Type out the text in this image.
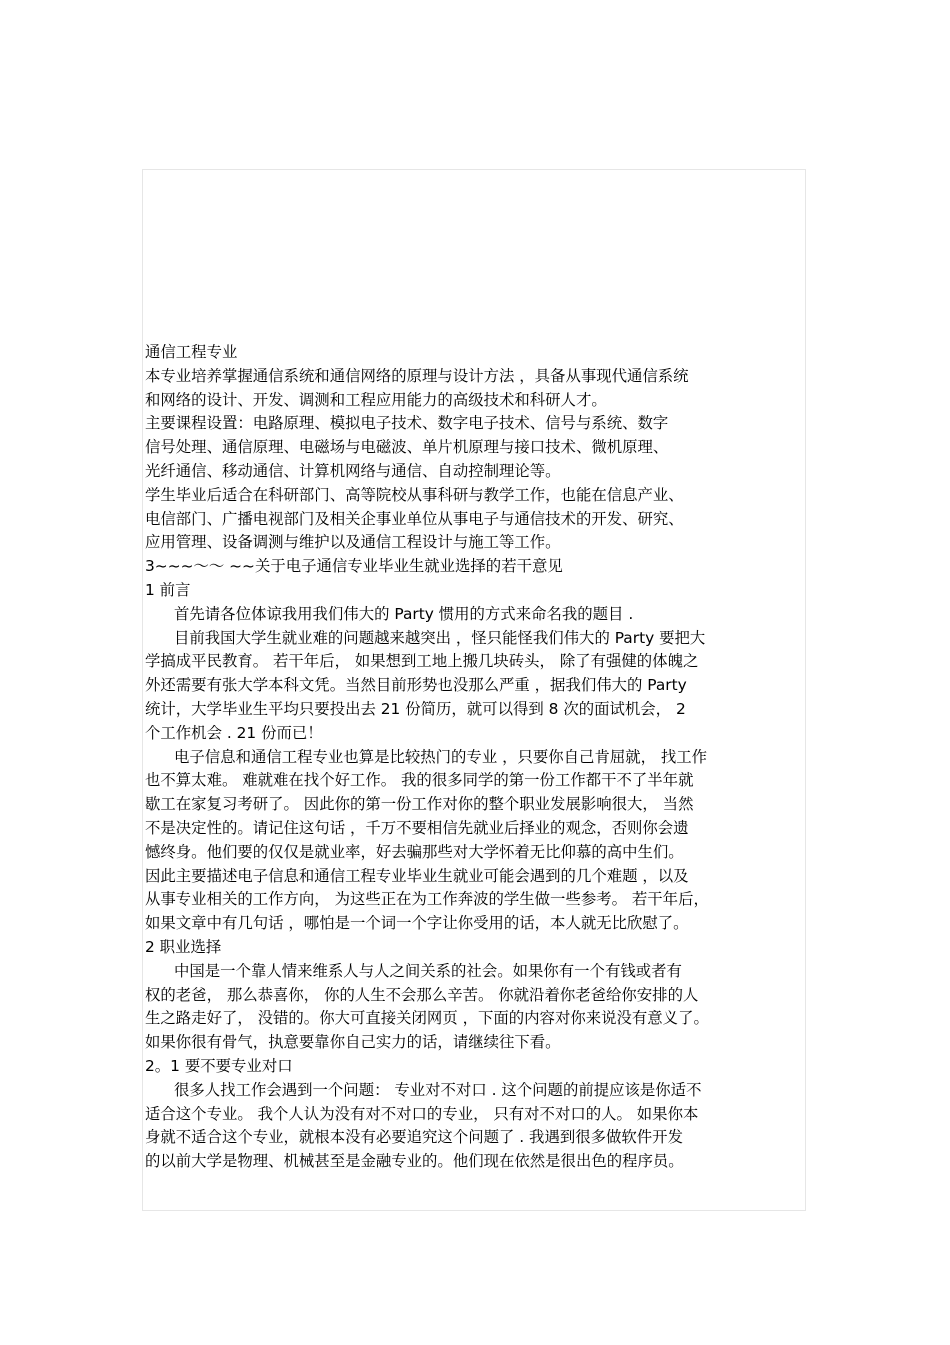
通信工程专业
本专业培养掌握通信系统和通信网络的原理与设计方法 ，具备从事现代通信系统
和网络的设计、开发、调测和工程应用能力的高级技术和科研人才。
主要课程设置：电路原理、模拟电子技术、数字电子技术、信号与系统、数字
信号处理、通信原理、电磁场与电磁波、单片机原理与接口技术、微机原理、
光纤通信、移动通信、计算机网络与通信、自动控制理论等。
学生毕业后适合在科研部门、高等院校从事科研与教学工作，也能在信息产业、
电信部门、广播电视部门及相关企事业单位从事电子与通信技术的开发、研究、
应用管理、设备调测与维护以及通信工程设计与施工等工作。
3~~~～～ ~~关于电子通信专业毕业生就业选择的若干意见
1 前言
首先请各位体谅我用我们伟大的 Party 惯用的方式来命名我的题目 .
目前我国大学生就业难的问题越来越突出 ，怪只能怪我们伟大的 Party 要把大
学搞成平民教育。 若干年后， 如果想到工地上搬几块砖头， 除了有强健的体魄之
外还需要有张大学本科文凭。当然目前形势也没那么严重 ，据我们伟大的 Party
统计，大学毕业生平均只要投出去 21 份简历，就可以得到 8 次的面试机会， 2
个工作机会 . 21 份而已！
电子信息和通信工程专业也算是比较热门的专业 ，只要你自己肯屈就， 找工作
也不算太难。 难就难在找个好工作。 我的很多同学的第一份工作都干不了半年就
歇工在家复习考研了。 因此你的第一份工作对你的整个职业发展影响很大， 当然
不是决定性的。请记住这句话 ，千万不要相信先就业后择业的观念，否则你会遗
憾终身。他们要的仅仅是就业率，好去骗那些对大学怀着无比仰慕的高中生们。
因此主要描述电子信息和通信工程专业毕业生就业可能会遇到的几个难题 ，以及
从事专业相关的工作方向， 为这些正在为工作奔波的学生做一些参考。 若干年后，
如果文章中有几句话 ，哪怕是一个词一个字让你受用的话，本人就无比欣慰了。
2 职业选择
中国是一个靠人情来维系人与人之间关系的社会。如果你有一个有钱或者有
权的老爸， 那么恭喜你， 你的人生不会那么辛苦。 你就沿着你老爸给你安排的人
生之路走好了， 没错的。你大可直接关闭网页 ，下面的内容对你来说没有意义了。
如果你很有骨气，执意要靠你自己实力的话，请继续往下看。
2。1 要不要专业对口
很多人找工作会遇到一个问题： 专业对不对口 . 这个问题的前提应该是你适不
适合这个专业。 我个人认为没有对不对口的专业， 只有对不对口的人。 如果你本
身就不适合这个专业，就根本没有必要追究这个问题了 . 我遇到很多做软件开发
的以前大学是物理、机械甚至是金融专业的。他们现在依然是很出色的程序员。
